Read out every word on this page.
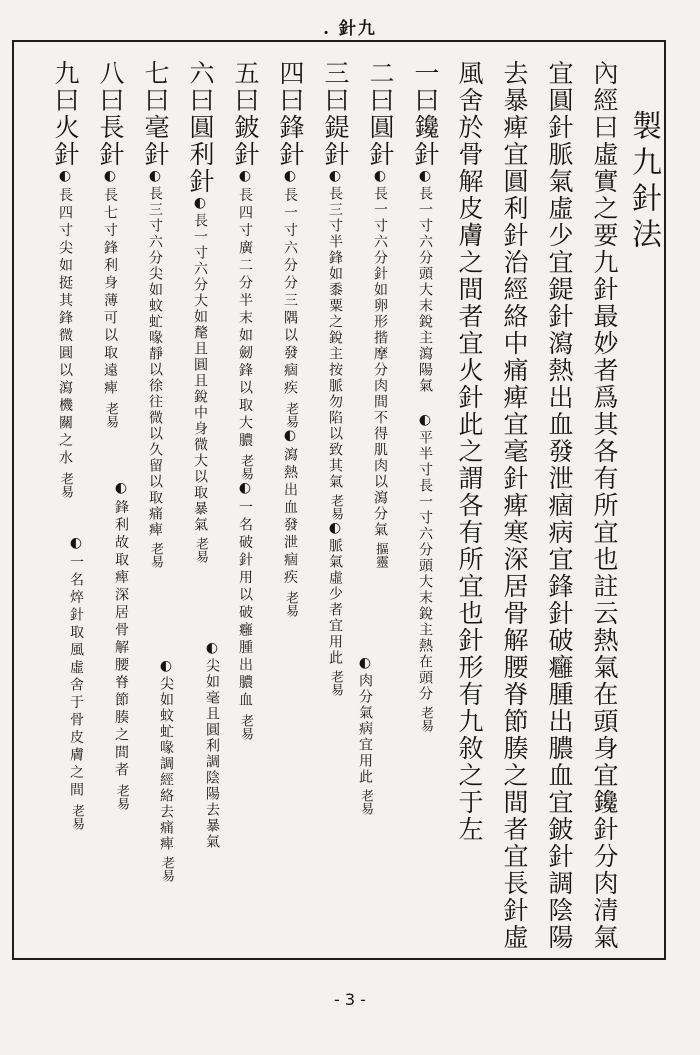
. 針九
製九針法
內經曰虛實之要九針最妙者爲其各有所宜也註云熱氣在頭身宜鑱針分肉清氣
宜圓針脈氣虛少宜鍉針瀉熱出血發泄痼病宜鋒針破癰腫出膿血宜鈹針調陰陽
去暴痺宜圓利針治經絡中痛痺宜毫針痺寒深居骨解腰脊節腠之間者宜長針虛
風舍於骨解皮膚之間者宜火針此之謂各有所宜也針形有九敘之于左
一曰鑱針◐長一寸六分頭大末銳主瀉陽氣 ◐平半寸長一寸六分頭大末銳主熱在頭分老易
二曰圓針◐長一寸六分針如卵形揩摩分肉間不得肌肉以瀉分氣摳靈
◐肉分氣病宜用此老易
三曰鍉針◐長三寸半鋒如黍粟之銳主按脈勿陷以致其氣老易◐脈氣虛少者宜用此老易
四曰鋒針◐長一寸六分分三隅以發痼疾老易◐瀉熱出血發泄痼疾老易
五曰鈹針◐長四寸廣二分半末如劒鋒以取大膿老易◐一名破針用以破癰腫出膿血老易
六曰圓利針◐長一寸六分大如氂且圓且銳中身微大以取暴氣老易
◐尖如毫且圓利調陰陽去暴氣
七曰毫針◐長三寸六分尖如蚊虻喙靜以徐往微以久留以取痛痺老易
◐尖如蚊虻喙調經絡去痛痺老易
八曰長針◐長七寸鋒利身薄可以取遠痺老易
◐鋒利故取痺深居骨解腰脊節腠之間者老易
九曰火針◐長四寸尖如挺其鋒微圓以瀉機關之水老易
◐一名焠針取風虛舍于骨皮膚之間老易
- 3 -
